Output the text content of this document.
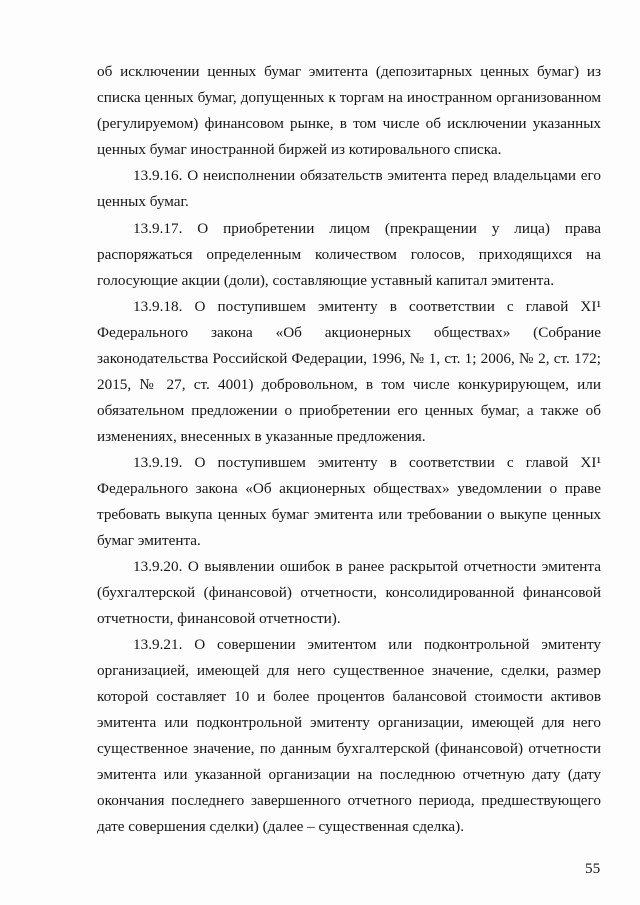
об исключении ценных бумаг эмитента (депозитарных ценных бумаг) из
списка ценных бумаг, допущенных к торгам на иностранном организованном
(регулируемом) финансовом рынке, в том числе об исключении указанных
ценных бумаг иностранной биржей из котировального списка.
13.9.16. О неисполнении обязательств эмитента перед владельцами его
ценных бумаг.
13.9.17. О приобретении лицом (прекращении у лица) права
распоряжаться определенным количеством голосов, приходящихся на
голосующие акции (доли), составляющие уставный капитал эмитента.
13.9.18. О поступившем эмитенту в соответствии с главой XI¹
Федерального закона «Об акционерных обществах» (Собрание
законодательства Российской Федерации, 1996, № 1, ст. 1; 2006, № 2, ст. 172;
2015, № 27, ст. 4001) добровольном, в том числе конкурирующем, или
обязательном предложении о приобретении его ценных бумаг, а также об
изменениях, внесенных в указанные предложения.
13.9.19. О поступившем эмитенту в соответствии с главой XI¹
Федерального закона «Об акционерных обществах» уведомлении о праве
требовать выкупа ценных бумаг эмитента или требовании о выкупе ценных
бумаг эмитента.
13.9.20. О выявлении ошибок в ранее раскрытой отчетности эмитента
(бухгалтерской (финансовой) отчетности, консолидированной финансовой
отчетности, финансовой отчетности).
13.9.21. О совершении эмитентом или подконтрольной эмитенту
организацией, имеющей для него существенное значение, сделки, размер
которой составляет 10 и более процентов балансовой стоимости активов
эмитента или подконтрольной эмитенту организации, имеющей для него
существенное значение, по данным бухгалтерской (финансовой) отчетности
эмитента или указанной организации на последнюю отчетную дату (дату
окончания последнего завершенного отчетного периода, предшествующего
дате совершения сделки) (далее – существенная сделка).
55
